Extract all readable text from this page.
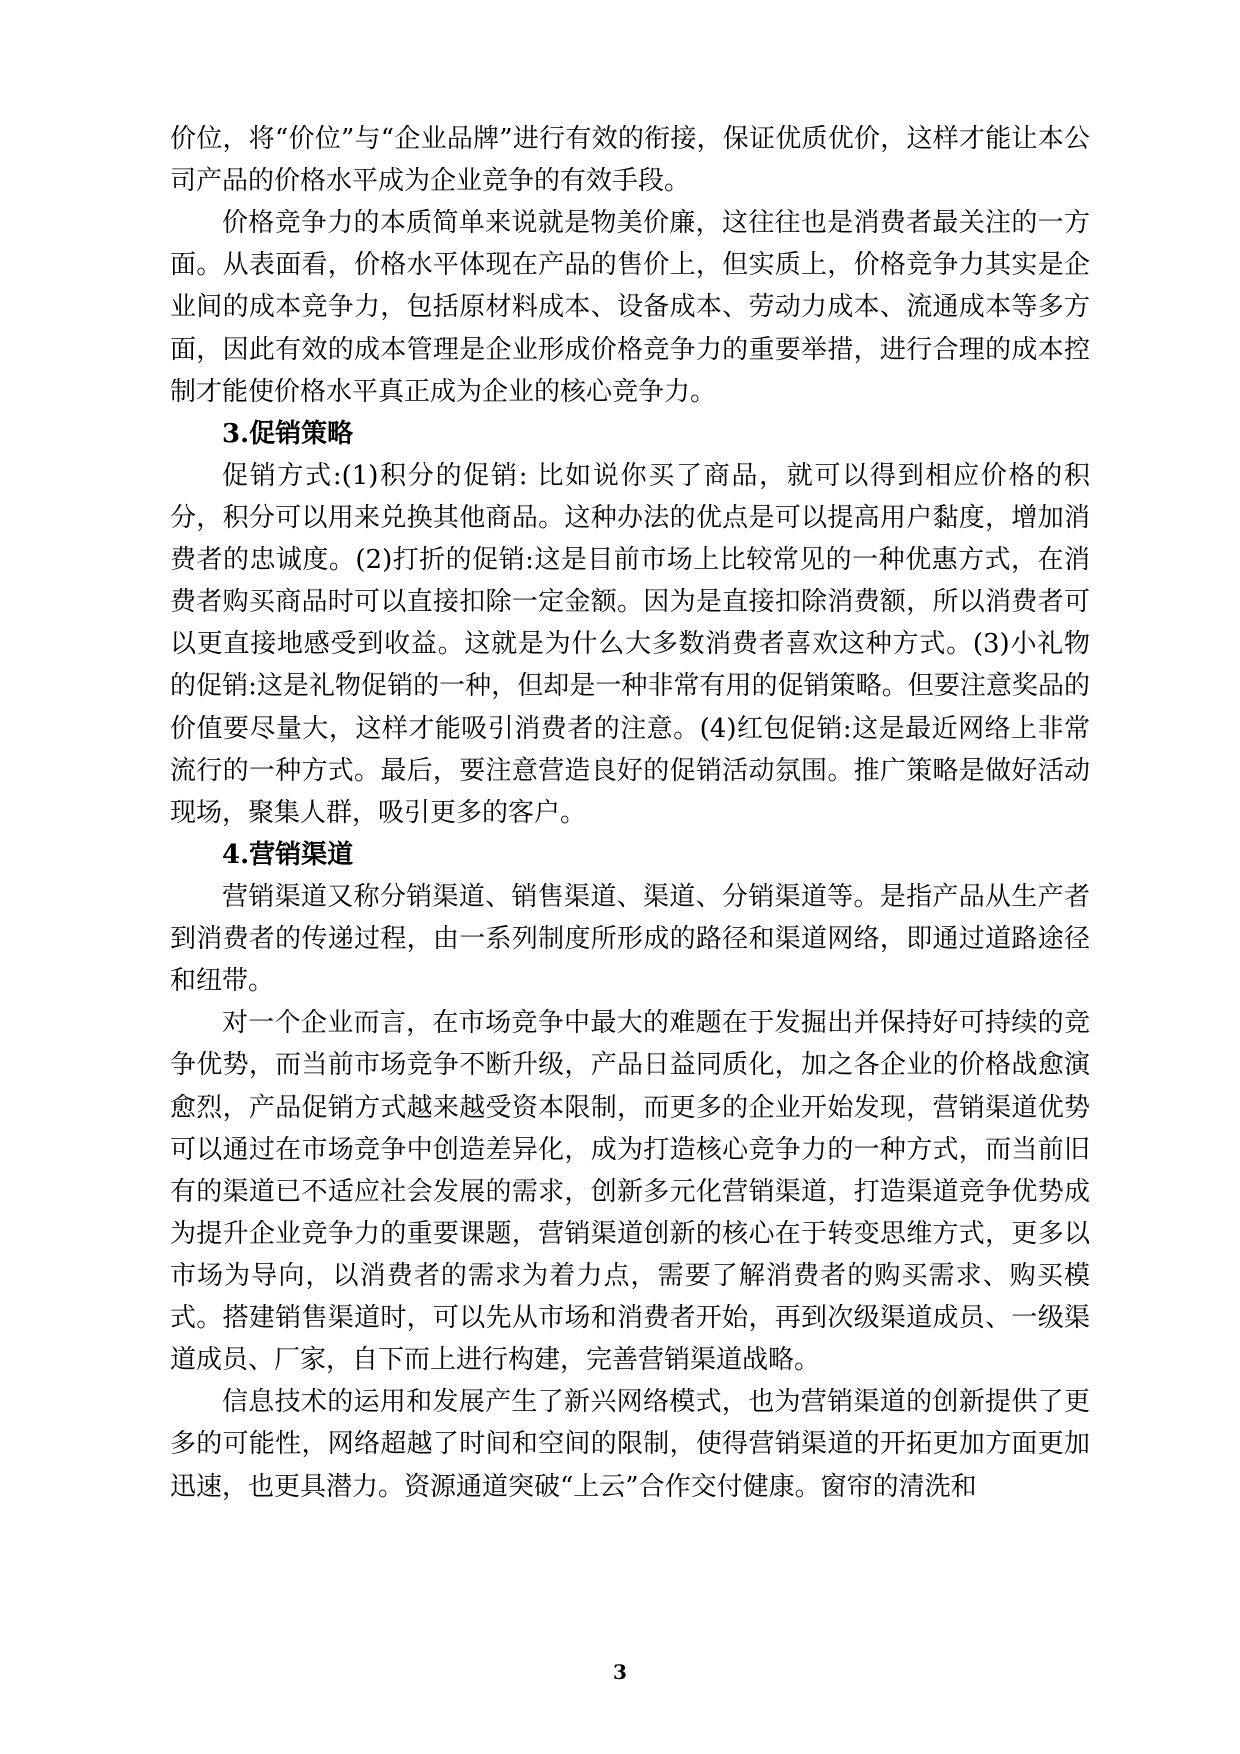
价位，将“价位”与“企业品牌”进行有效的衔接，保证优质优价，这样才能让本公司产品的价格水平成为企业竞争的有效手段。

价格竞争力的本质简单来说就是物美价廉，这往往也是消费者最关注的一方面。从表面看，价格水平体现在产品的售价上，但实质上，价格竞争力其实是企业间的成本竞争力，包括原材料成本、设备成本、劳动力成本、流通成本等多方面，因此有效的成本管理是企业形成价格竞争力的重要举措，进行合理的成本控制才能使价格水平真正成为企业的核心竞争力。

3.促销策略

促销方式:(1)积分的促销: 比如说你买了商品，就可以得到相应价格的积分，积分可以用来兑换其他商品。这种办法的优点是可以提高用户黏度，增加消费者的忠诚度。(2)打折的促销:这是目前市场上比较常见的一种优惠方式，在消费者购买商品时可以直接扣除一定金额。因为是直接扣除消费额，所以消费者可以更直接地感受到收益。这就是为什么大多数消费者喜欢这种方式。(3)小礼物的促销:这是礼物促销的一种，但却是一种非常有用的促销策略。但要注意奖品的价值要尽量大，这样才能吸引消费者的注意。(4)红包促销:这是最近网络上非常流行的一种方式。最后，要注意营造良好的促销活动氛围。推广策略是做好活动现场，聚集人群，吸引更多的客户。

4.营销渠道

营销渠道又称分销渠道、销售渠道、渠道、分销渠道等。是指产品从生产者到消费者的传递过程，由一系列制度所形成的路径和渠道网络，即通过道路途径和纽带。

对一个企业而言，在市场竞争中最大的难题在于发掘出并保持好可持续的竞争优势，而当前市场竞争不断升级，产品日益同质化，加之各企业的价格战愈演愈烈，产品促销方式越来越受资本限制，而更多的企业开始发现，营销渠道优势可以通过在市场竞争中创造差异化，成为打造核心竞争力的一种方式，而当前旧有的渠道已不适应社会发展的需求，创新多元化营销渠道，打造渠道竞争优势成为提升企业竞争力的重要课题，营销渠道创新的核心在于转变思维方式，更多以市场为导向，以消费者的需求为着力点，需要了解消费者的购买需求、购买模式。搭建销售渠道时，可以先从市场和消费者开始，再到次级渠道成员、一级渠道成员、厂家，自下而上进行构建，完善营销渠道战略。

信息技术的运用和发展产生了新兴网络模式，也为营销渠道的创新提供了更多的可能性，网络超越了时间和空间的限制，使得营销渠道的开拓更加方面更加迅速，也更具潜力。资源通道突破“上云”合作交付健康。窗帘的清洗和

3
